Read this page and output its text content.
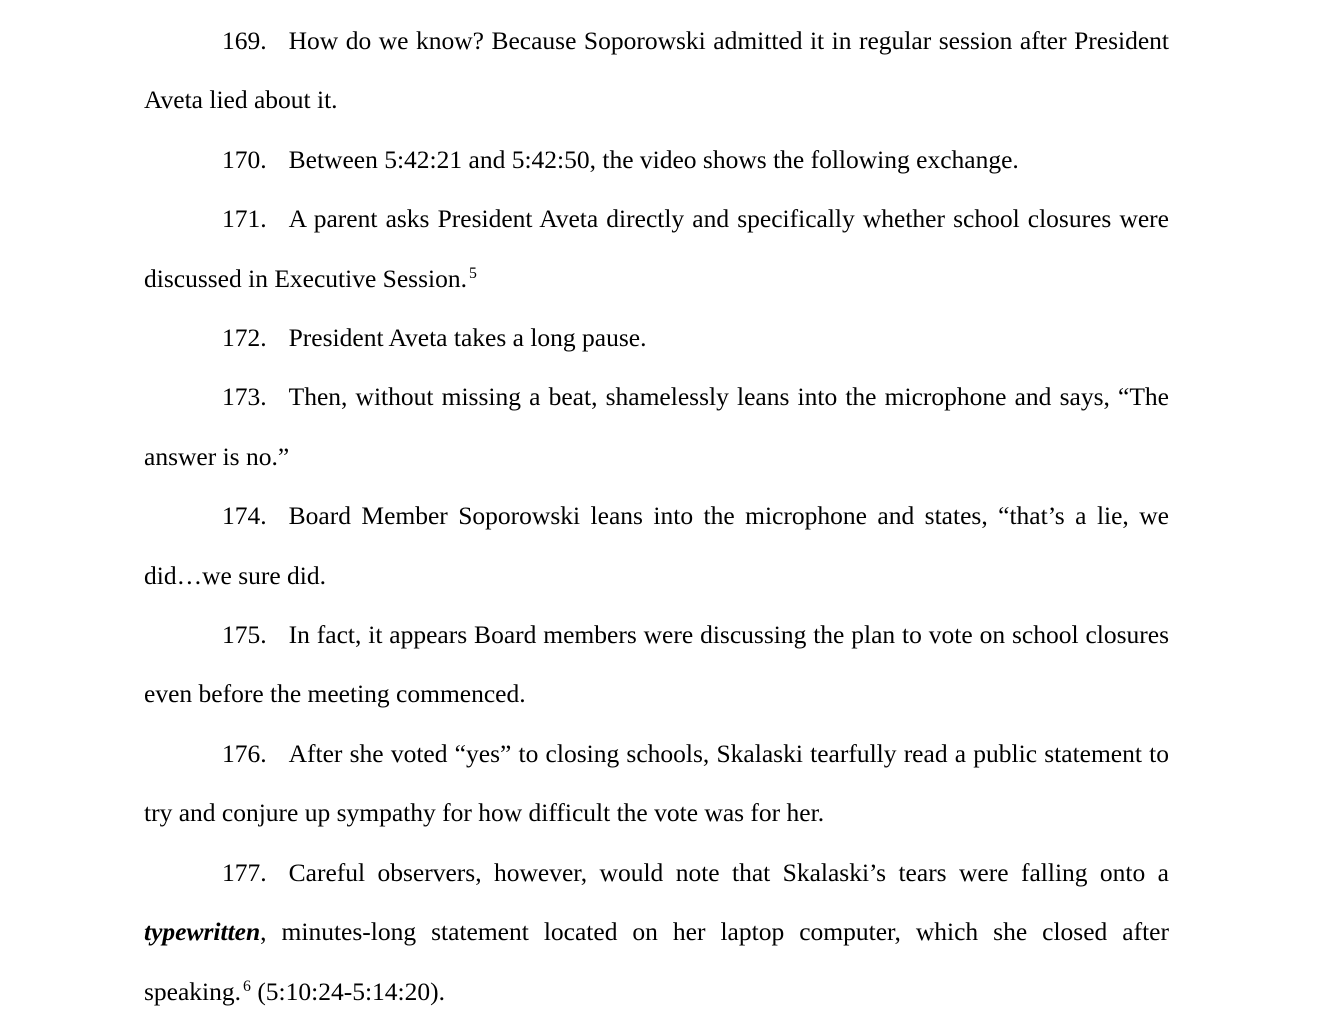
169. How do we know? Because Soporowski admitted it in regular session after President Aveta lied about it.

170. Between 5:42:21 and 5:42:50, the video shows the following exchange.

171. A parent asks President Aveta directly and specifically whether school closures were discussed in Executive Session. $^5$

172. President Aveta takes a long pause.

173. Then, without missing a beat, shamelessly leans into the microphone and says, “The answer is no.”

174. Board Member Soporowski leans into the microphone and states, “that’s a lie, we did…we sure did.

175. In fact, it appears Board members were discussing the plan to vote on school closures even before the meeting commenced.

176. After she voted “yes” to closing schools, Skalaski tearfully read a public statement to try and conjure up sympathy for how difficult the vote was for her.

177. Careful observers, however, would note that Skalaski’s tears were falling onto a typewritten, minutes-long statement located on her laptop computer, which she closed after speaking. $^6$ (5:10:24-5:14:20).
